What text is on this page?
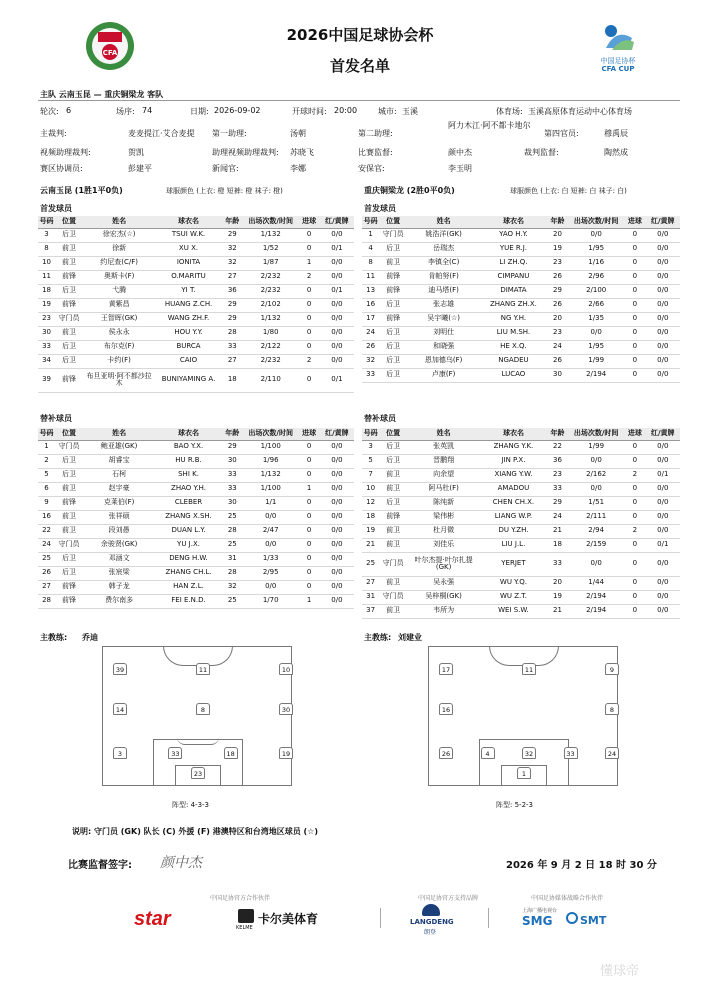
CFA
中国足协杯
CFA CUP
2026中国足球协会杯
首发名单
主队 云南玉昆 — 重庆铜梁龙 客队
轮次: 6	场序: 74	日期: 2026-09-02	开球时间: 20:00	城市: 玉溪	体育场: 玉溪高原体育运动中心体育场
主裁判:	麦麦提江·艾合麦提 第一助理:	汤朝	第二助理:
阿力木江·阿不都卡地尔
第四官员:	穆禹辰
视频助理裁判:	贺凯	助理视频助理裁判: 苏晓飞	比赛监督:	颜中杰	裁判监督:	陶然成
赛区协调员:	彭建平	新闻官:	李娜	安保官:	李玉明
云南玉昆 (1胜1平0负)	球服颜色 (上衣: 橙 短裤: 橙 袜子: 橙)	重庆铜梁龙 (2胜0平0负)	球服颜色 (上衣: 白 短裤: 白 袜子: 白)
首发球员	首发球员
号码	位置	姓名	球衣名	年龄	出场次数/时间	进球	红/黄牌
3	后卫	徐宏杰(☆)	TSUI W.K.	29	1/132	0	0/0
8	前卫	徐新	XU X.	32	1/52	0	0/1
10	前卫	约尼查(C/F)	IONITA	32	1/87	1	0/0
11	前锋	奥斯卡(F)	O.MARITU	27	2/232	2	0/0
18	后卫	弋腾	YI T.	36	2/232	0	0/1
19	前锋	黄紫昌	HUANG Z.CH.	29	2/102	0	0/0
23	守门员	王智晖(GK)	WANG ZH.F.	29	1/132	0	0/0
30	前卫	侯永永	HOU Y.Y.	28	1/80	0	0/0
33	后卫	布尔克(F)	BURCA	33	2/122	0	0/0
34	后卫	卡约(F)	CAIO	27	2/232	2	0/0
39	前锋	布旦亚明·阿不都沙拉木	BUNIYAMING A.	18	2/110	0	0/1
号码	位置	姓名	球衣名	年龄	出场次数/时间	进球	红/黄牌
1	守门员	姚浩洋(GK)	YAO H.Y.	20	0/0	0	0/0
4	后卫	岳瑞杰	YUE R.J.	19	1/95	0	0/0
8	前卫	李镇全(C)	LI ZH.Q.	23	1/16	0	0/0
11	前锋	肯帕努(F)	CIMPANU	26	2/96	0	0/0
13	前锋	迪马塔(F)	DIMATA	29	2/100	0	0/0
16	后卫	张志雄	ZHANG ZH.X.	26	2/66	0	0/0
17	前锋	吴宇曦(☆)	NG Y.H.	20	1/35	0	0/0
24	后卫	刘明仕	LIU M.SH.	23	0/0	0	0/0
26	后卫	和晓强	HE X.Q.	24	1/95	0	0/0
32	后卫	恩加德乌(F)	NGADEU	26	1/99	0	0/0
33	后卫	卢康(F)	LUCAO	30	2/194	0	0/0
替补球员	替补球员
号码	位置	姓名	球衣名	年龄	出场次数/时间	进球	红/黄牌
1	守门员	鲍亚雄(GK)	BAO Y.X.	29	1/100	0	0/0
2	后卫	胡睿宝	HU R.B.	30	1/96	0	0/0
5	后卫	石柯	SHI K.	33	1/132	0	0/0
6	前卫	赵宇豪	ZHAO Y.H.	33	1/100	1	0/0
9	前锋	克莱伯(F)	CLEBER	30	1/1	0	0/0
16	前卫	张祥硕	ZHANG X.SH.	25	0/0	0	0/0
22	前卫	段刘愚	DUAN L.Y.	28	2/47	0	0/0
24	守门员	余骏贤(GK)	YU J.X.	25	0/0	0	0/0
25	后卫	邓涵文	DENG H.W.	31	1/33	0	0/0
26	后卫	张宸梁	ZHANG CH.L.	28	2/95	0	0/0
27	前锋	韩子龙	HAN Z.L.	32	0/0	0	0/0
28	前锋	费尔南多	FEI E.N.D.	25	1/70	1	0/0
号码	位置	姓名	球衣名	年龄	出场次数/时间	进球	红/黄牌
3	后卫	张英凯	ZHANG Y.K.	22	1/99	0	0/0
5	后卫	晋鹏翔	JIN P.X.	36	0/0	0	0/0
7	前卫	向余望	XIANG Y.W.	23	2/162	2	0/1
10	前卫	阿马杜(F)	AMADOU	33	0/0	0	0/0
12	后卫	陈纯新	CHEN CH.X.	29	1/51	0	0/0
18	前锋	梁伟彬	LIANG W.P.	24	2/111	0	0/0
19	前卫	杜月微	DU Y.ZH.	21	2/94	2	0/0
21	前卫	刘佳乐	LIU J.L.	18	2/159	0	0/1
25	守门员	叶尔杰提·叶尔扎提(GK)	YERJET	33	0/0	0	0/0
27	前卫	吴永强	WU Y.Q.	20	1/44	0	0/0
31	守门员	吴梓桐(GK)	WU Z.T.	19	2/194	0	0/0
37	前卫	韦所为	WEI S.W.	21	2/194	0	0/0
主教练: 乔迪	主教练: 刘建业
3	33	18	19
14	8	30
39	11	10
23
阵型: 4-3-3
26	4	32	33	24
16	8
17	11	9
1
阵型: 5-2-3
说明: 守门员 (GK) 队长 (C) 外援 (F) 港澳特区和台湾地区球员 (☆)
比赛监督签字: 颜中杰	2026 年 9 月 2 日 18 时 30 分
中国足协官方合作伙伴	中国足协官方支持品牌	中国足协媒体战略合作伙伴
star	卡尔美体育
KELME
LANGDENG
朗登
上海广播电视台
SMG	SMT
懂球帝
